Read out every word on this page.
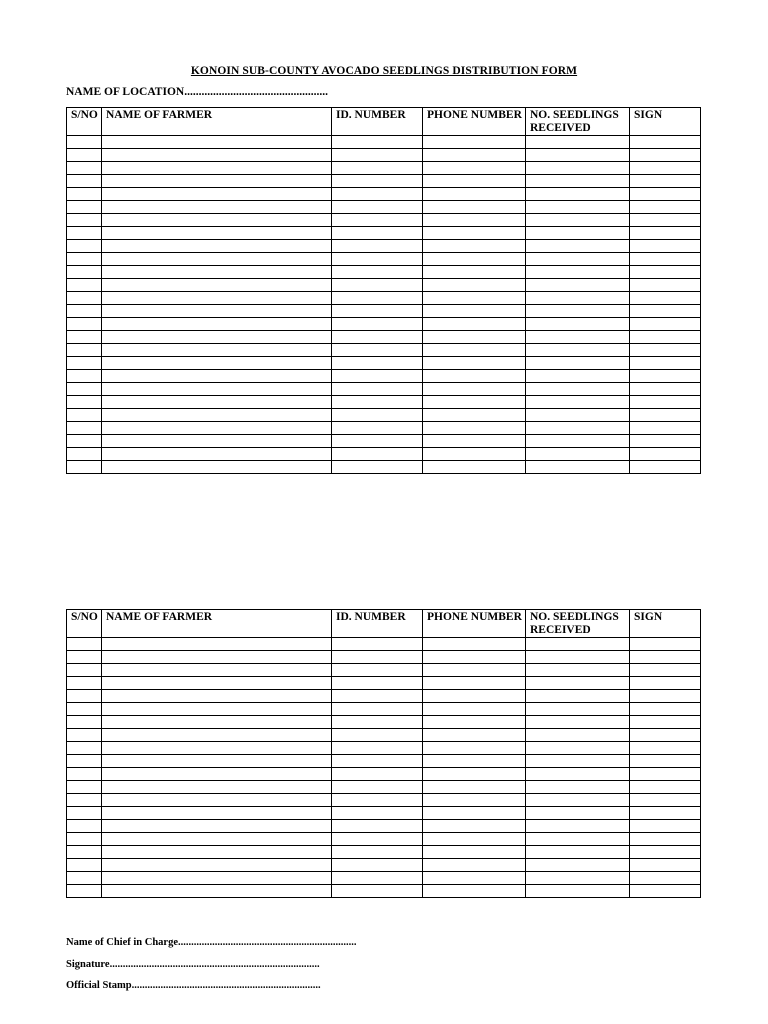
KONOIN SUB-COUNTY AVOCADO SEEDLINGS DISTRIBUTION FORM
NAME OF LOCATION..................................................
S/NO	NAME OF FARMER	ID. NUMBER	PHONE NUMBER	NO. SEEDLINGS RECEIVED	SIGN

S/NO	NAME OF FARMER	ID. NUMBER	PHONE NUMBER	NO. SEEDLINGS RECEIVED	SIGN

Name of Chief in Charge....................................................................
Signature................................................................................
Official Stamp........................................................................
